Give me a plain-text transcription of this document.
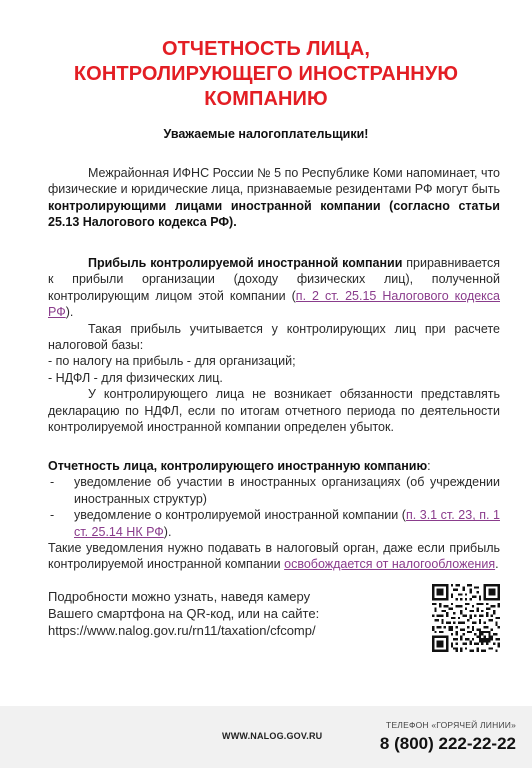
ОТЧЕТНОСТЬ ЛИЦА,
КОНТРОЛИРУЮЩЕГО ИНОСТРАННУЮ
КОМПАНИЮ
Уважаемые налогоплательщики!

Межрайонная ИФНС России № 5 по Республике Коми напоминает, что физические и юридические лица, признаваемые резидентами РФ могут быть контролирующими лицами иностранной компании (согласно статьи 25.13 Налогового кодекса РФ).

Прибыль контролируемой иностранной компании приравнивается к прибыли организации (доходу физических лиц), полученной контролирующим лицом этой компании (п. 2 ст. 25.15 Налогового кодекса РФ).

Такая прибыль учитывается у контролирующих лиц при расчете налоговой базы:

- по налогу на прибыль - для организаций;

- НДФЛ - для физических лиц.

У контролирующего лица не возникает обязанности представлять декларацию по НДФЛ, если по итогам отчетного периода по деятельности контролируемой иностранной компании определен убыток.

Отчетность лица, контролирующего иностранную компанию:

- уведомление об участии в иностранных организациях (об учреждении иностранных структур)
- уведомление о контролируемой иностранной компании (п. 3.1 ст. 23, п. 1 ст. 25.14 НК РФ).

Такие уведомления нужно подавать в налоговый орган, даже если прибыль контролируемой иностранной компании освобождается от налогообложения.

Подробности можно узнать, наведя камеру
Вашего смартфона на QR-код, или на сайте:
https://www.nalog.gov.ru/rn11/taxation/cfcomp/
WWW.NALOG.GOV.RU
ТЕЛЕФОН «ГОРЯЧЕЙ ЛИНИИ»
8 (800) 222-22-22
